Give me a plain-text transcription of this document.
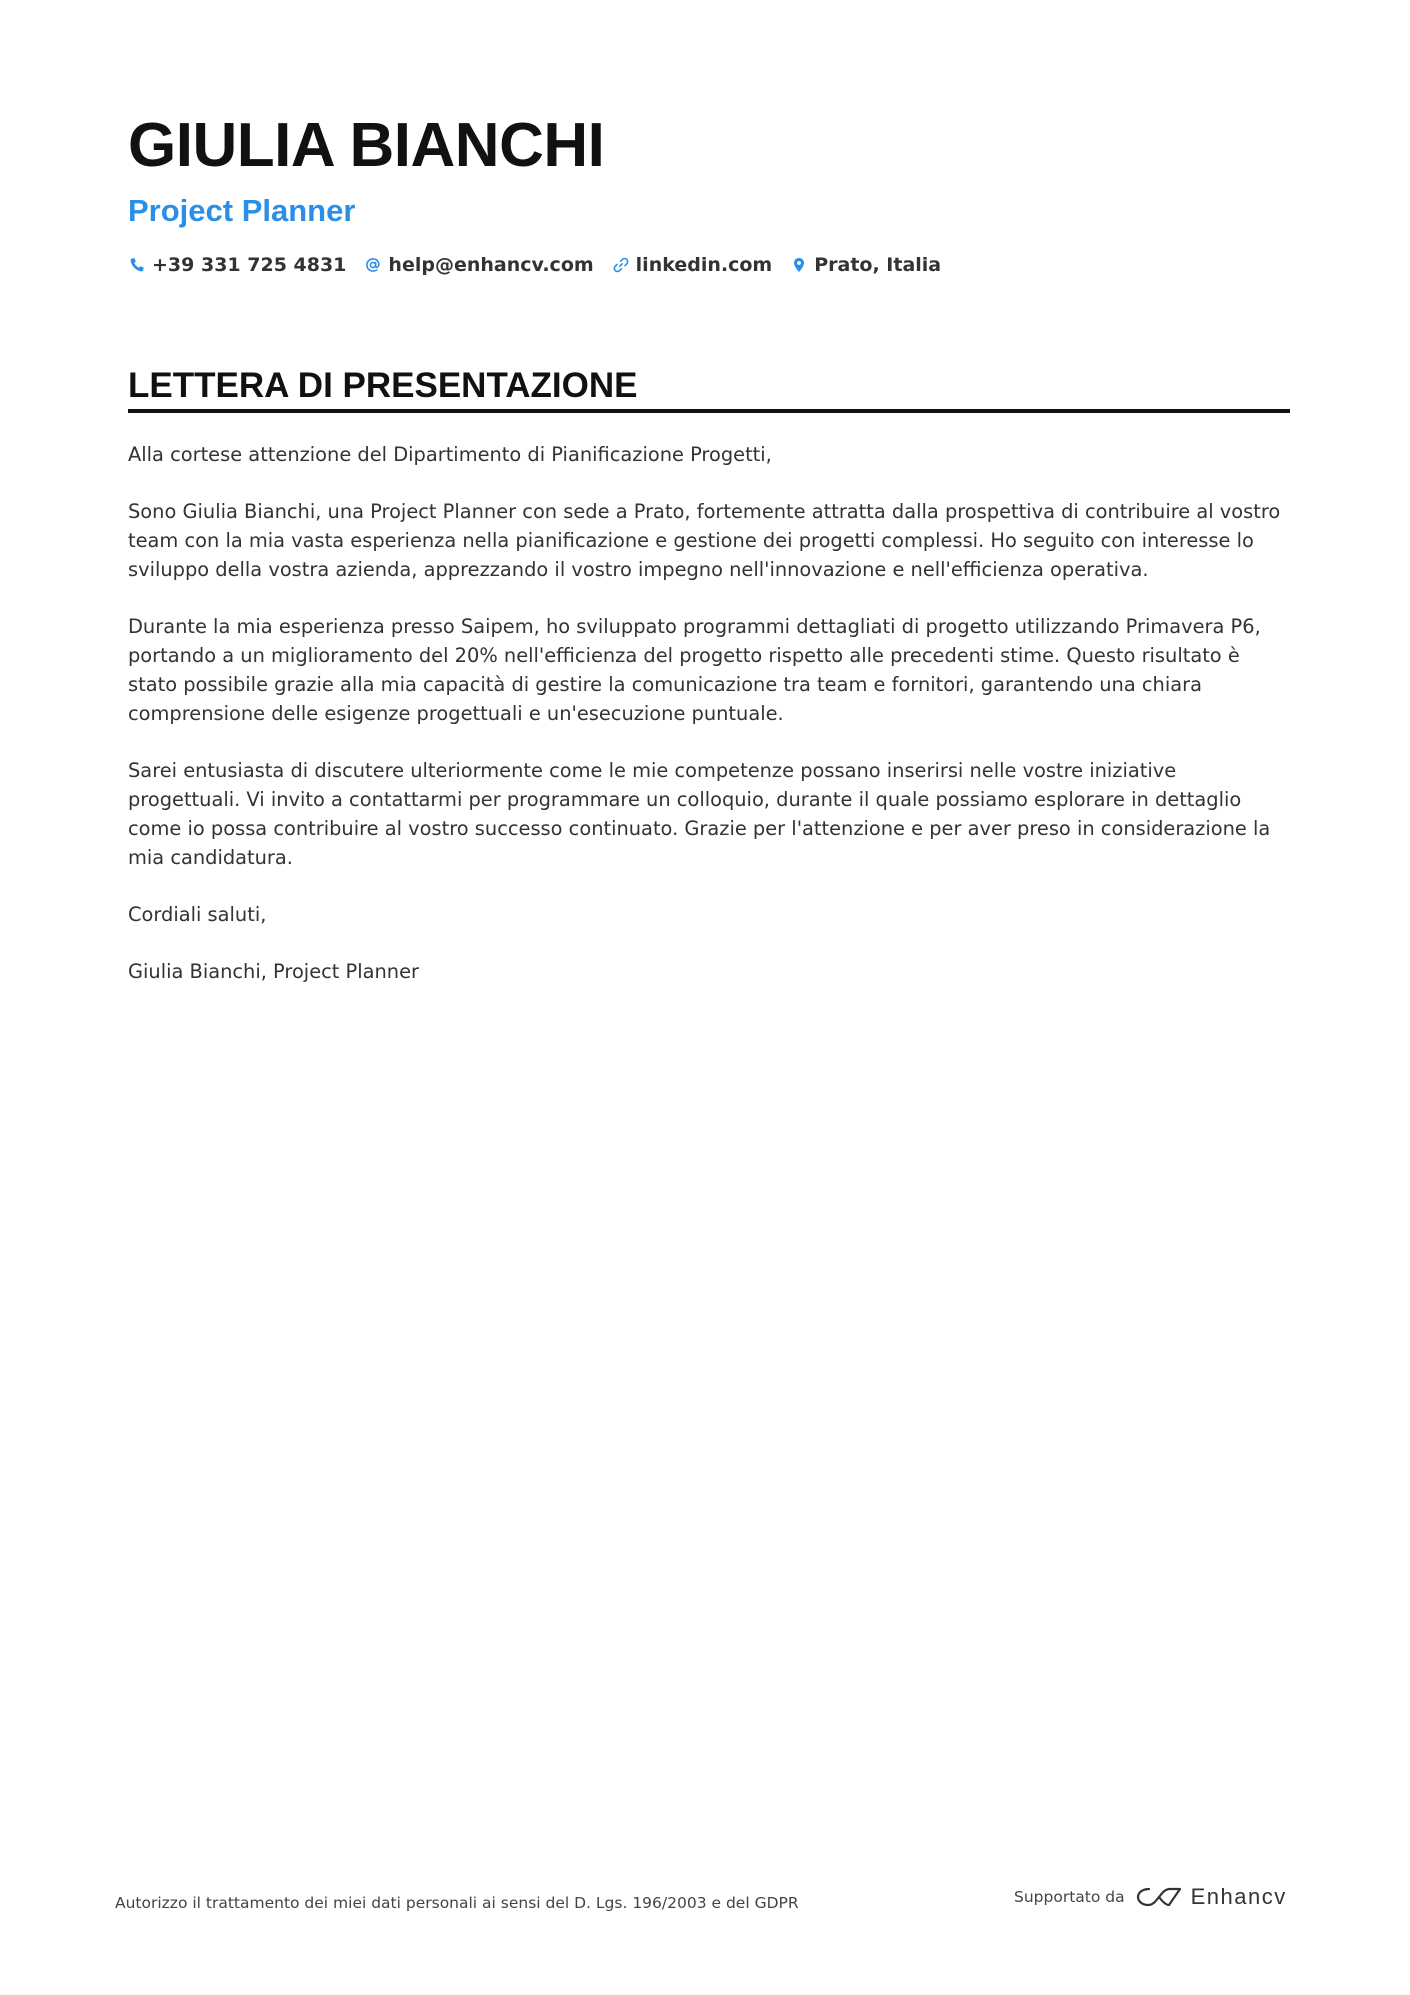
GIULIA BIANCHI
Project Planner
+39 331 725 4831 help@enhancv.com linkedin.com Prato, Italia
LETTERA DI PRESENTAZIONE

Alla cortese attenzione del Dipartimento di Pianificazione Progetti,

Sono Giulia Bianchi, una Project Planner con sede a Prato, fortemente attratta dalla prospettiva di contribuire al vostro team con la mia vasta esperienza nella pianificazione e gestione dei progetti complessi. Ho seguito con interesse lo sviluppo della vostra azienda, apprezzando il vostro impegno nell'innovazione e nell'efficienza operativa.

Durante la mia esperienza presso Saipem, ho sviluppato programmi dettagliati di progetto utilizzando Primavera P6, portando a un miglioramento del 20% nell'efficienza del progetto rispetto alle precedenti stime. Questo risultato è stato possibile grazie alla mia capacità di gestire la comunicazione tra team e fornitori, garantendo una chiara comprensione delle esigenze progettuali e un'esecuzione puntuale.

Sarei entusiasta di discutere ulteriormente come le mie competenze possano inserirsi nelle vostre iniziative progettuali. Vi invito a contattarmi per programmare un colloquio, durante il quale possiamo esplorare in dettaglio come io possa contribuire al vostro successo continuato. Grazie per l'attenzione e per aver preso in considerazione la mia candidatura.

Cordiali saluti,

Giulia Bianchi, Project Planner

Autorizzo il trattamento dei miei dati personali ai sensi del D. Lgs. 196/2003 e del GDPR	Supportato da	Enhancv
